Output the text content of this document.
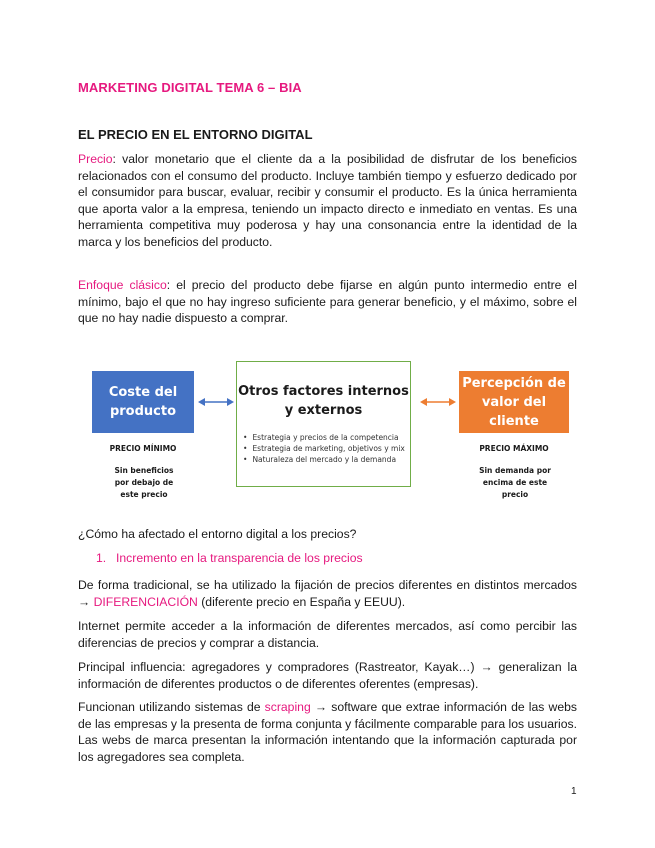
MARKETING DIGITAL TEMA 6 – BIA
EL PRECIO EN EL ENTORNO DIGITAL
Precio: valor monetario que el cliente da a la posibilidad de disfrutar de los beneficios relacionados con el consumo del producto. Incluye también tiempo y esfuerzo dedicado por el consumidor para buscar, evaluar, recibir y consumir el producto. Es la única herramienta que aporta valor a la empresa, teniendo un impacto directo e inmediato en ventas. Es una herramienta competitiva muy poderosa y hay una consonancia entre la identidad de la marca y los beneficios del producto.
Enfoque clásico: el precio del producto debe fijarse en algún punto intermedio entre el mínimo, bajo el que no hay ingreso suficiente para generar beneficio, y el máximo, sobre el que no hay nadie dispuesto a comprar.
Coste del producto
Otros factores internos y externos
• Estrategia y precios de la competencia
• Estrategia de marketing, objetivos y mix
• Naturaleza del mercado y la demanda
Percepción de valor del cliente
PRECIO MÍNIMO
Sin beneficios por debajo de este precio
PRECIO MÁXIMO
Sin demanda por encima de este precio
¿Cómo ha afectado el entorno digital a los precios?
1. Incremento en la transparencia de los precios
De forma tradicional, se ha utilizado la fijación de precios diferentes en distintos mercados → DIFERENCIACIÓN (diferente precio en España y EEUU).
Internet permite acceder a la información de diferentes mercados, así como percibir las diferencias de precios y comprar a distancia.
Principal influencia: agregadores y compradores (Rastreator, Kayak…) → generalizan la información de diferentes productos o de diferentes oferentes (empresas).
Funcionan utilizando sistemas de scraping → software que extrae información de las webs de las empresas y la presenta de forma conjunta y fácilmente comparable para los usuarios. Las webs de marca presentan la información intentando que la información capturada por los agregadores sea completa.
1
